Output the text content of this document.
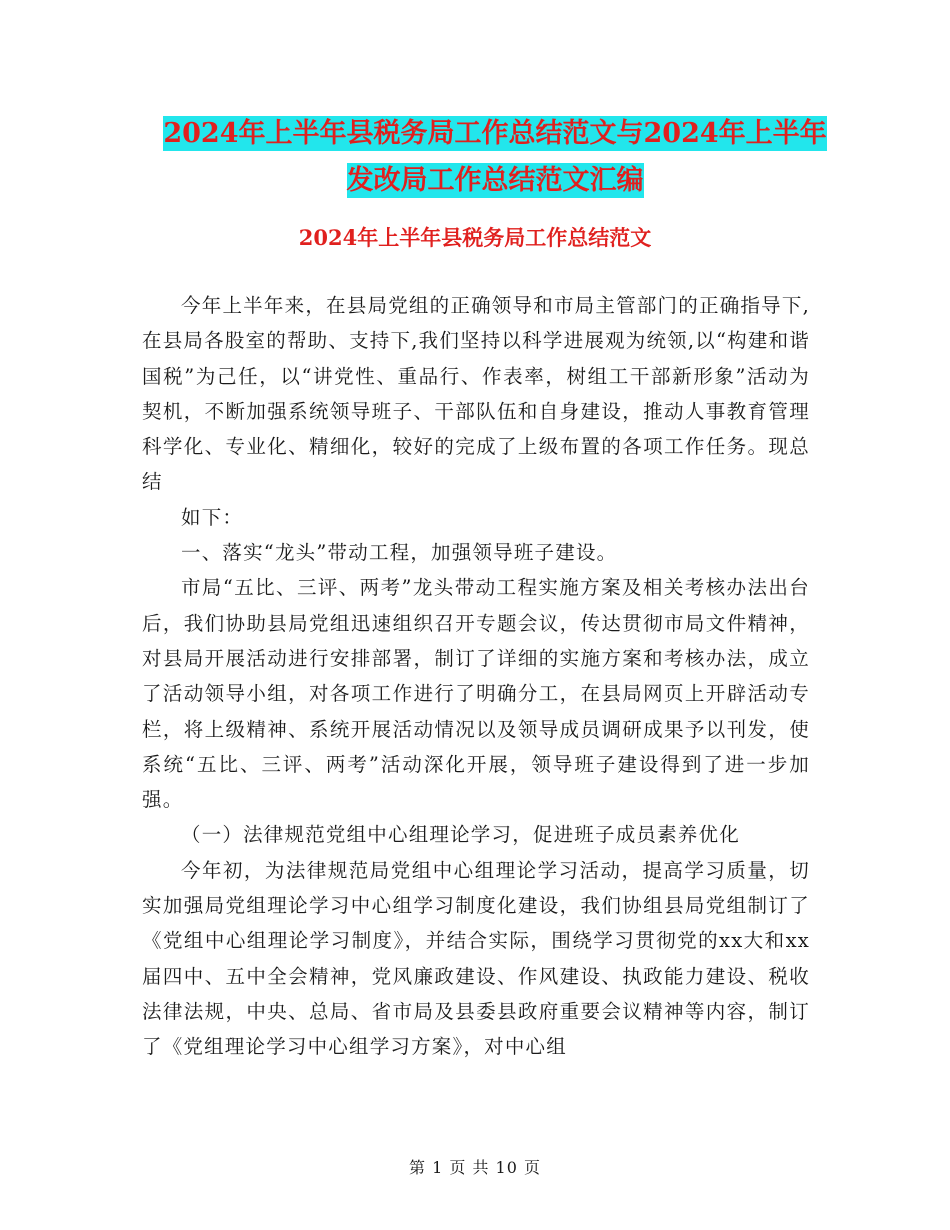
2024年上半年县税务局工作总结范文与2024年上半年
发改局工作总结范文汇编
2024年上半年县税务局工作总结范文

今年上半年来，在县局党组的正确领导和市局主管部门的正确指导下,在县局各股室的帮助、支持下,我们坚持以科学进展观为统领,以“构建和谐国税”为己任，以“讲党性、重品行、作表率，树组工干部新形象”活动为契机，不断加强系统领导班子、干部队伍和自身建设，推动人事教育管理科学化、专业化、精细化，较好的完成了上级布置的各项工作任务。现总结

如下：

一、落实“龙头”带动工程，加强领导班子建设。

市局“五比、三评、两考”龙头带动工程实施方案及相关考核办法出台后，我们协助县局党组迅速组织召开专题会议，传达贯彻市局文件精神，对县局开展活动进行安排部署，制订了详细的实施方案和考核办法，成立了活动领导小组，对各项工作进行了明确分工，在县局网页上开辟活动专栏，将上级精神、系统开展活动情况以及领导成员调研成果予以刊发，使系统“五比、三评、两考”活动深化开展，领导班子建设得到了进一步加强。

（一）法律规范党组中心组理论学习，促进班子成员素养优化

今年初，为法律规范局党组中心组理论学习活动，提高学习质量，切实加强局党组理论学习中心组学习制度化建设，我们协组县局党组制订了《党组中心组理论学习制度》，并结合实际，围绕学习贯彻党的xx大和xx届四中、五中全会精神，党风廉政建设、作风建设、执政能力建设、税收法律法规，中央、总局、省市局及县委县政府重要会议精神等内容，制订了《党组理论学习中心组学习方案》，对中心组

第 1 页 共 10 页
